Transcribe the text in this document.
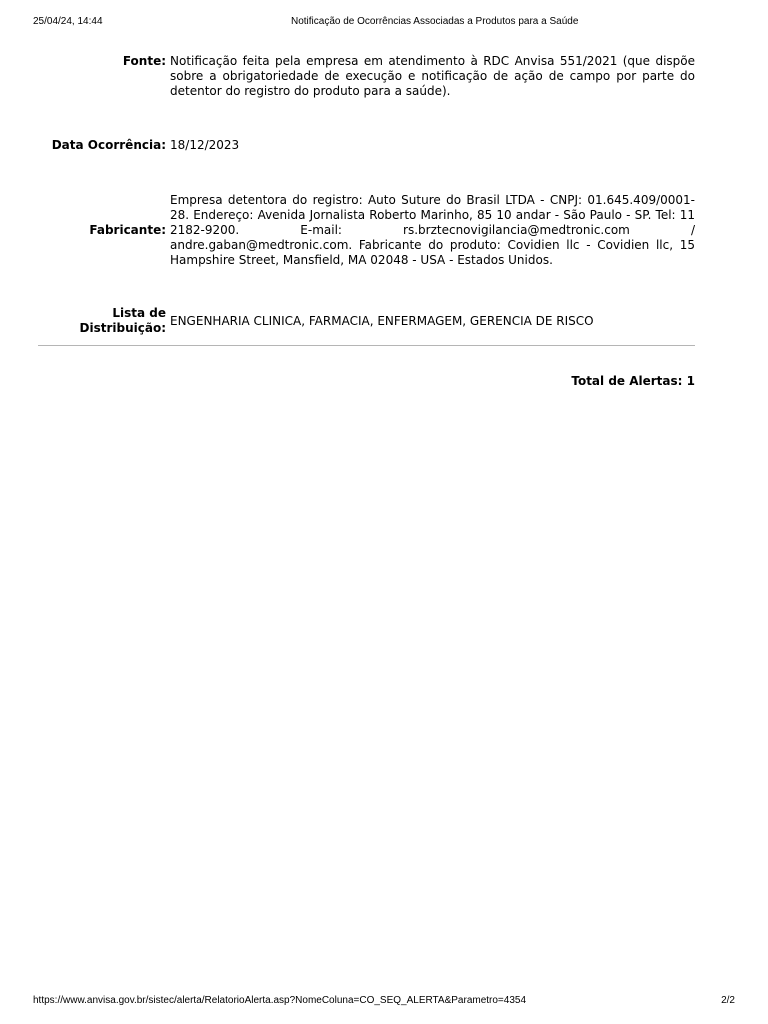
25/04/24, 14:44	Notificação de Ocorrências Associadas a Produtos para a Saúde
Fonte: Notificação feita pela empresa em atendimento à RDC Anvisa 551/2021 (que dispõe sobre a obrigatoriedade de execução e notificação de ação de campo por parte do detentor do registro do produto para a saúde).
Data Ocorrência: 18/12/2023
Fabricante:
Empresa detentora do registro: Auto Suture do Brasil LTDA - CNPJ: 01.645.409/0001-28. Endereço: Avenida Jornalista Roberto Marinho, 85 10 andar - São Paulo - SP. Tel: 11 2182-9200. E-mail: rs.brztecnovigilancia@medtronic.com / andre.gaban@medtronic.com. Fabricante do produto: Covidien llc - Covidien llc, 15 Hampshire Street, Mansfield, MA 02048 - USA - Estados Unidos.
Lista de
Distribuição:
ENGENHARIA CLINICA, FARMACIA, ENFERMAGEM, GERENCIA DE RISCO
Total de Alertas: 1
https://www.anvisa.gov.br/sistec/alerta/RelatorioAlerta.asp?NomeColuna=CO_SEQ_ALERTA&Parametro=4354	2/2
